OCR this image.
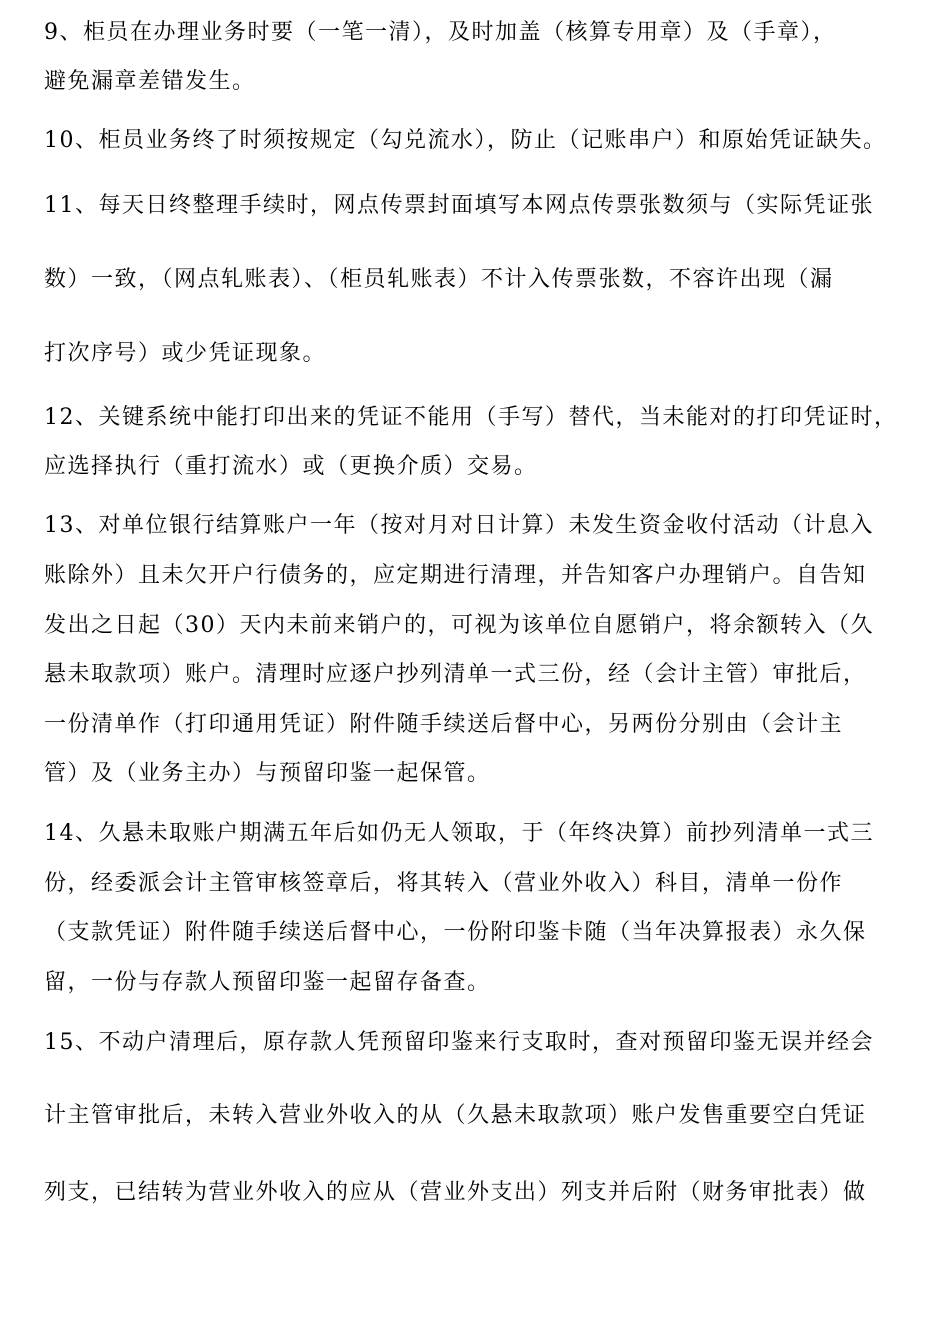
9、柜员在办理业务时要（一笔一清），及时加盖（核算专用章）及（手章），
避免漏章差错发生。
10、柜员业务终了时须按规定（勾兑流水），防止（记账串户）和原始凭证缺失。
11、每天日终整理手续时，网点传票封面填写本网点传票张数须与（实际凭证张
数）一致，（网点轧账表）、（柜员轧账表）不计入传票张数，不容许出现（漏
打次序号）或少凭证现象。
12、关键系统中能打印出来的凭证不能用（手写）替代，当未能对的打印凭证时，
应选择执行（重打流水）或（更换介质）交易。
13、对单位银行结算账户一年（按对月对日计算）未发生资金收付活动（计息入
账除外）且未欠开户行债务的，应定期进行清理，并告知客户办理销户。自告知
发出之日起（30）天内未前来销户的，可视为该单位自愿销户，将余额转入（久
悬未取款项）账户。清理时应逐户抄列清单一式三份，经（会计主管）审批后，
一份清单作（打印通用凭证）附件随手续送后督中心，另两份分别由（会计主
管）及（业务主办）与预留印鉴一起保管。
14、久悬未取账户期满五年后如仍无人领取，于（年终决算）前抄列清单一式三
份，经委派会计主管审核签章后，将其转入（营业外收入）科目，清单一份作
（支款凭证）附件随手续送后督中心，一份附印鉴卡随（当年决算报表）永久保
留，一份与存款人预留印鉴一起留存备查。
15、不动户清理后，原存款人凭预留印鉴来行支取时，查对预留印鉴无误并经会
计主管审批后，未转入营业外收入的从（久悬未取款项）账户发售重要空白凭证
列支，已结转为营业外收入的应从（营业外支出）列支并后附（财务审批表）做
